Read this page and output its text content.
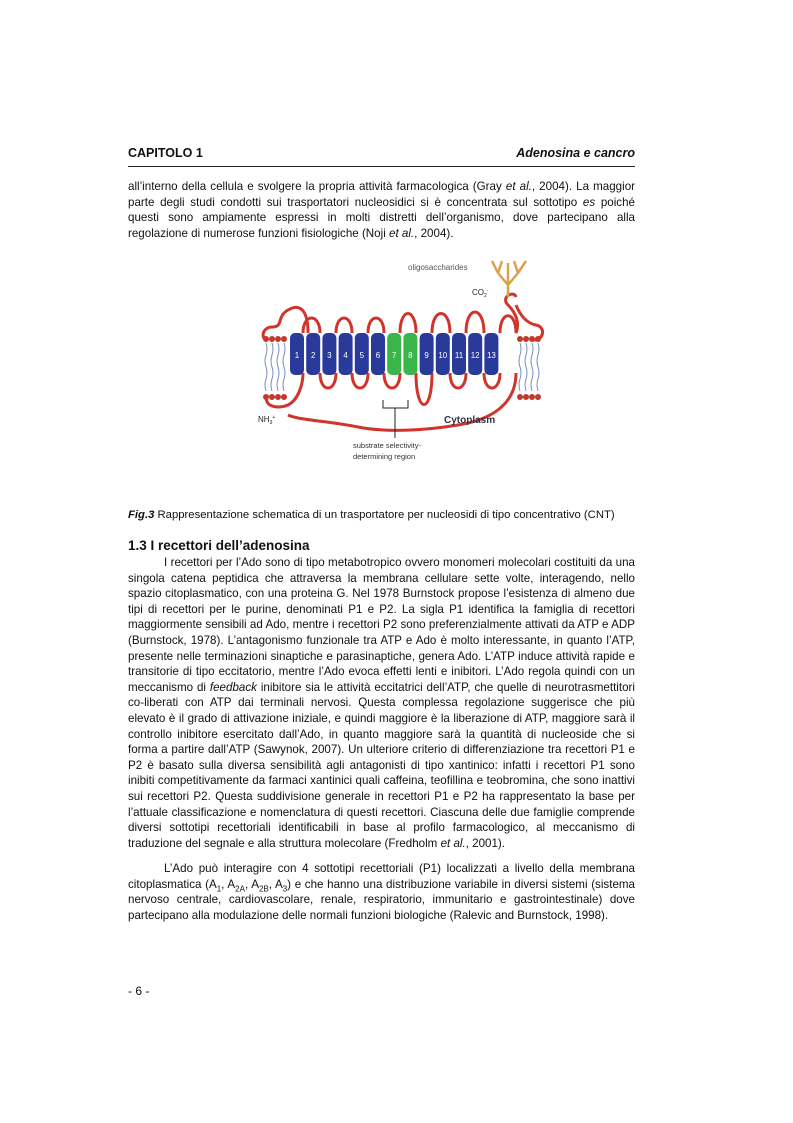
CAPITOLO 1	Adenosina e cancro
all’interno della cellula e svolgere la propria attività farmacologica (Gray et al., 2004). La maggior parte degli studi condotti sui trasportatori nucleosidici si è concentrata sul sottotipo es poiché questi sono ampiamente espressi in molti distretti dell’organismo, dove partecipano alla regolazione di numerose funzioni fisiologiche (Noji et al., 2004).
1 2 3 4 5 6 7 8 9 10 11 12 13
oligosaccharides
$CO_2^-$
$NH_3^+$	Cytoplasm
substrate selectivity-
determining region
Fig.3 Rappresentazione schematica di un trasportatore per nucleosidi di tipo concentrativo (CNT)
1.3 I recettori dell’adenosina
I recettori per l’Ado sono di tipo metabotropico ovvero monomeri molecolari costituiti da una singola catena peptidica che attraversa la membrana cellulare sette volte, interagendo, nello spazio citoplasmatico, con una proteina G. Nel 1978 Burnstock propose l’esistenza di almeno due tipi di recettori per le purine, denominati P1 e P2. La sigla P1 identifica la famiglia di recettori maggiormente sensibili ad Ado, mentre i recettori P2 sono preferenzialmente attivati da ATP e ADP (Burnstock, 1978). L’antagonismo funzionale tra ATP e Ado è molto interessante, in quanto l’ATP, presente nelle terminazioni sinaptiche e parasinaptiche, genera Ado. L’ATP induce attività rapide e transitorie di tipo eccitatorio, mentre l’Ado evoca effetti lenti e inibitori. L’Ado regola quindi con un meccanismo di feedback inibitore sia le attività eccitatrici dell’ATP, che quelle di neurotrasmettitori co-liberati con ATP dai terminali nervosi. Questa complessa regolazione suggerisce che più elevato è il grado di attivazione iniziale, e quindi maggiore è la liberazione di ATP, maggiore sarà il controllo inibitore esercitato dall’Ado, in quanto maggiore sarà la quantità di nucleoside che si forma a partire dall’ATP (Sawynok, 2007). Un ulteriore criterio di differenziazione tra recettori P1 e P2 è basato sulla diversa sensibilità agli antagonisti di tipo xantinico: infatti i recettori P1 sono inibiti competitivamente da farmaci xantinici quali caffeina, teofillina e teobromina, che sono inattivi sui recettori P2. Questa suddivisione generale in recettori P1 e P2 ha rappresentato la base per l’attuale classificazione e nomenclatura di questi recettori. Ciascuna delle due famiglie comprende diversi sottotipi recettoriali identificabili in base al profilo farmacologico, al meccanismo di traduzione del segnale e alla struttura molecolare (Fredholm et al., 2001).
L’Ado può interagire con 4 sottotipi recettoriali (P1) localizzati a livello della membrana citoplasmatica ($A_1$, $A_{2A}$, $A_{2B}$, $A_3$) e che hanno una distribuzione variabile in diversi sistemi (sistema nervoso centrale, cardiovascolare, renale, respiratorio, immunitario e gastrointestinale) dove partecipano alla modulazione delle normali funzioni biologiche (Ralevic and Burnstock, 1998).
- 6 -
